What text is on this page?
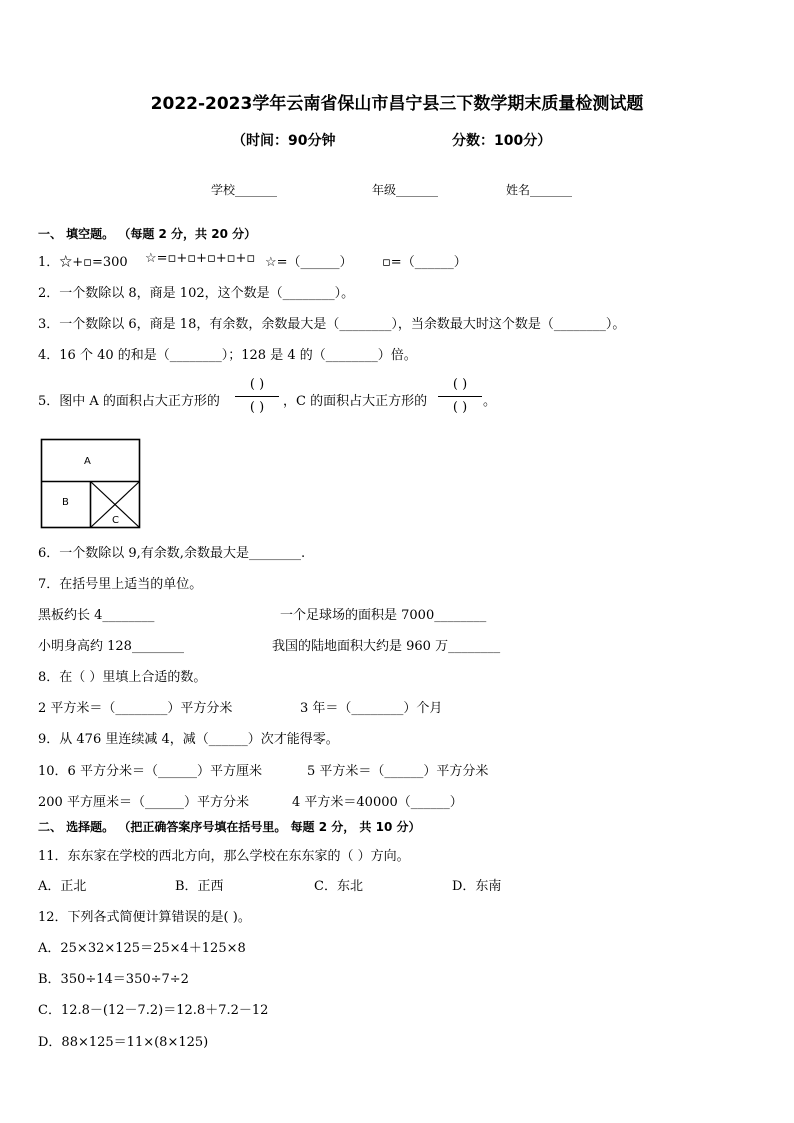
2022-2023学年云南省保山市昌宁县三下数学期末质量检测试题
（时间：90分钟	分数：100分）
学校_______	年级_______	姓名_______
一、 填空题。 （每题 2 分，共 20 分）
1．☆+▫=300 ☆=▫+▫+▫+▫+▫ ☆=（______） ▫=（______）
2．一个数除以 8，商是 102，这个数是（________）。
3．一个数除以 6，商是 18，有余数，余数最大是（________），当余数最大时这个数是（________）。
4．16 个 40 的和是（________）；128 是 4 的（________）倍。
5．图中 A 的面积占大正方形的
( )
( )	，C 的面积占大正方形的
( )
( )	。
A
B
C
6．一个数除以 9,有余数,余数最大是________.
7．在括号里上适当的单位。
黑板约长 4________	一个足球场的面积是 7000________
小明身高约 128________	我国的陆地面积大约是 960 万________
8．在（ ）里填上合适的数。
2 平方米＝（________）平方分米	3 年＝（________）个月
9．从 476 里连续减 4，减（______）次才能得零。
10．6 平方分米＝（______）平方厘米	5 平方米＝（______）平方分米
200 平方厘米＝（______）平方分米	4 平方米＝40000（______）
二、 选择题。 （把正确答案序号填在括号里。 每题 2 分， 共 10 分）
11．东东家在学校的西北方向，那么学校在东东家的（ ）方向。
A．正北	B．正西	C．东北	D．东南
12．下列各式简便计算错误的是( )。
A．25×32×125＝25×4＋125×8
B．350÷14＝350÷7÷2
C．12.8－(12－7.2)＝12.8＋7.2－12
D．88×125＝11×(8×125)
